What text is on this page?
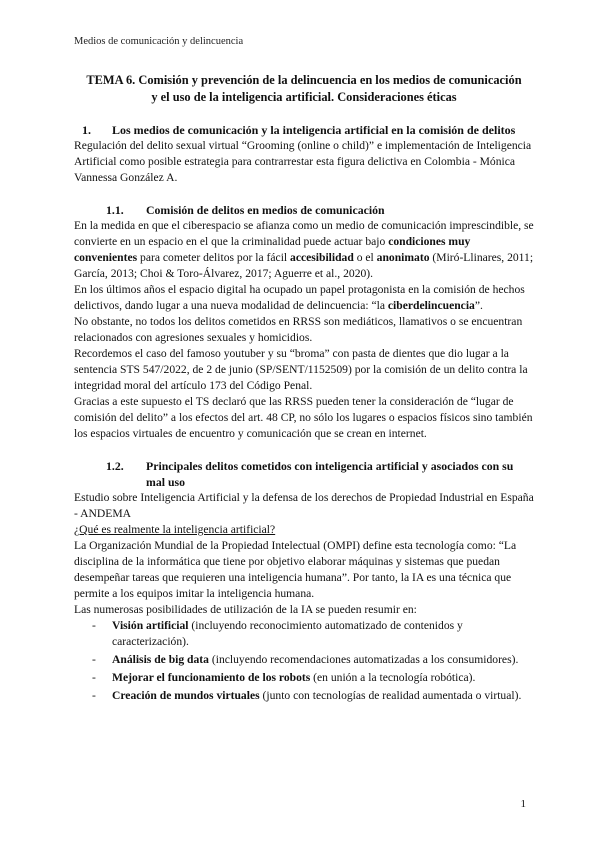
Medios de comunicación y delincuencia
TEMA 6. Comisión y prevención de la delincuencia en los medios de comunicación y el uso de la inteligencia artificial. Consideraciones éticas
1.	Los medios de comunicación y la inteligencia artificial en la comisión de delitos

Regulación del delito sexual virtual “Grooming (online o child)” e implementación de Inteligencia Artificial como posible estrategia para contrarrestar esta figura delictiva en Colombia - Mónica Vannessa González A.

1.1.	Comisión de delitos en medios de comunicación

En la medida en que el ciberespacio se afianza como un medio de comunicación imprescindible, se convierte en un espacio en el que la criminalidad puede actuar bajo condiciones muy convenientes para cometer delitos por la fácil accesibilidad o el anonimato (Miró-Llinares, 2011; García, 2013; Choi & Toro-Álvarez, 2017; Aguerre et al., 2020).

En los últimos años el espacio digital ha ocupado un papel protagonista en la comisión de hechos delictivos, dando lugar a una nueva modalidad de delincuencia: “la ciberdelincuencia”.

No obstante, no todos los delitos cometidos en RRSS son mediáticos, llamativos o se encuentran relacionados con agresiones sexuales y homicidios.

Recordemos el caso del famoso youtuber y su “broma” con pasta de dientes que dio lugar a la sentencia STS 547/2022, de 2 de junio (SP/SENT/1152509) por la comisión de un delito contra la integridad moral del artículo 173 del Código Penal.

Gracias a este supuesto el TS declaró que las RRSS pueden tener la consideración de “lugar de comisión del delito” a los efectos del art. 48 CP, no sólo los lugares o espacios físicos sino también los espacios virtuales de encuentro y comunicación que se crean en internet.

1.2.	Principales delitos cometidos con inteligencia artificial y asociados con su mal uso

Estudio sobre Inteligencia Artificial y la defensa de los derechos de Propiedad Industrial en España - ANDEMA

¿Qué es realmente la inteligencia artificial?

La Organización Mundial de la Propiedad Intelectual (OMPI) define esta tecnología como: “La disciplina de la informática que tiene por objetivo elaborar máquinas y sistemas que puedan desempeñar tareas que requieren una inteligencia humana”. Por tanto, la IA es una técnica que permite a los equipos imitar la inteligencia humana.

Las numerosas posibilidades de utilización de la IA se pueden resumir en:

-	Visión artificial (incluyendo reconocimiento automatizado de contenidos y caracterización).
-	Análisis de big data (incluyendo recomendaciones automatizadas a los consumidores).
-	Mejorar el funcionamiento de los robots (en unión a la tecnología robótica).
-	Creación de mundos virtuales (junto con tecnologías de realidad aumentada o virtual).
1
